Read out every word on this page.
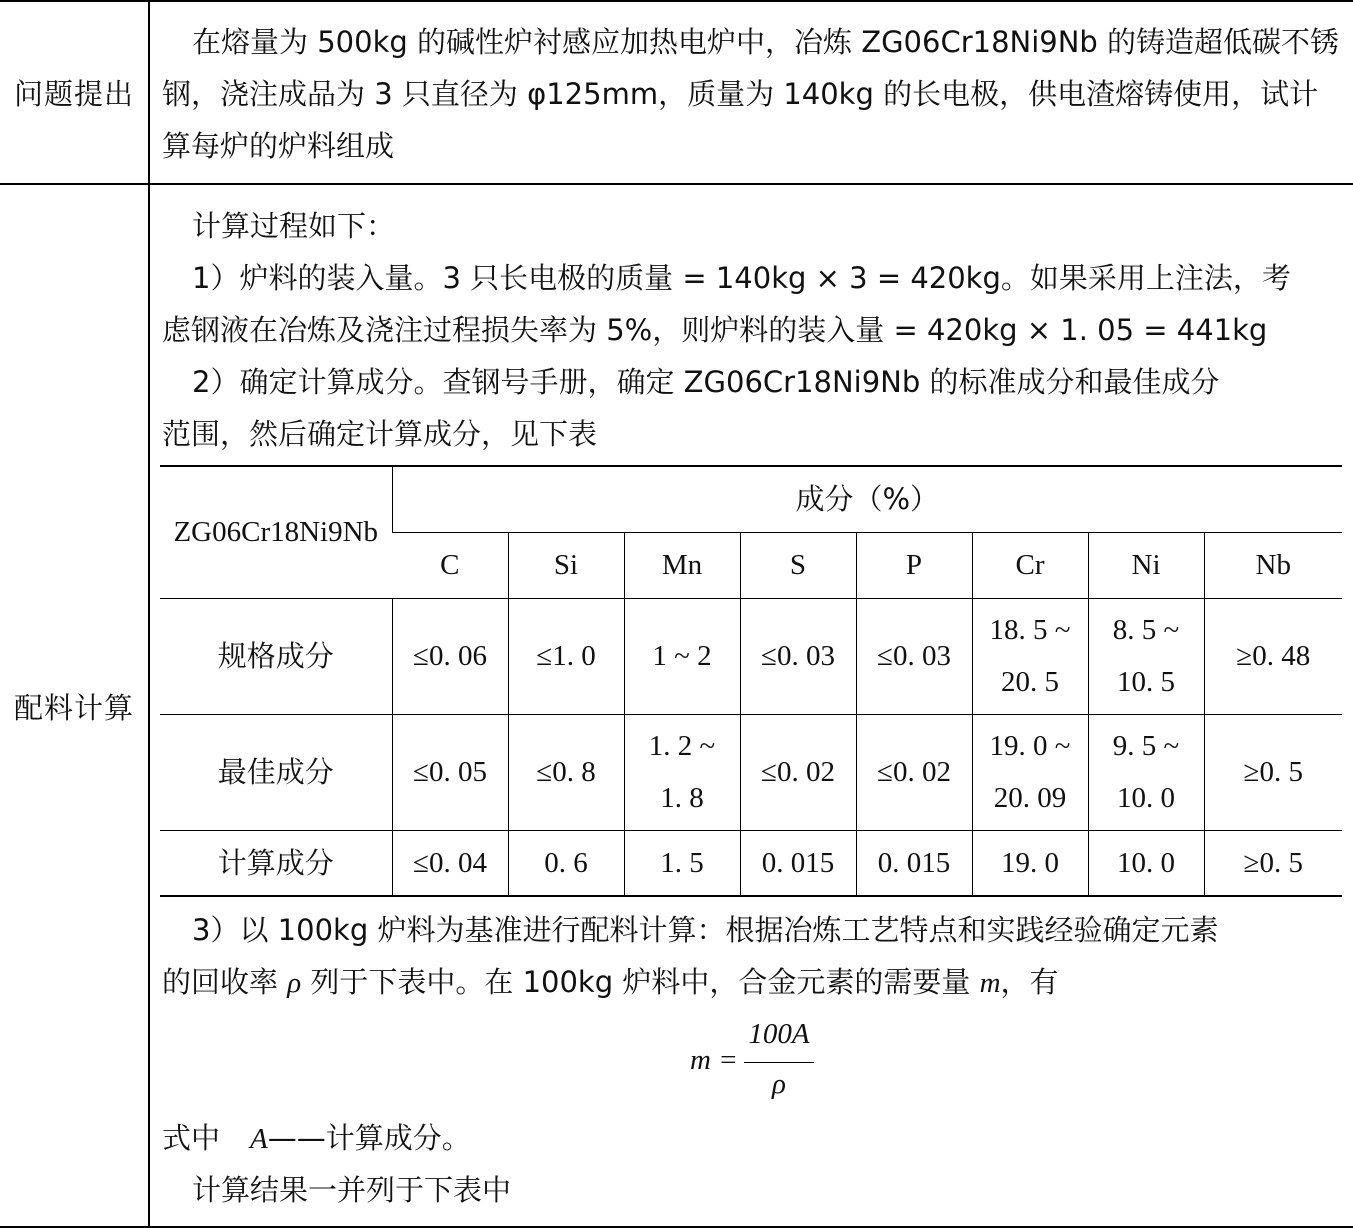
问题提出
配料计算
在熔量为 500kg 的碱性炉衬感应加热电炉中，冶炼 ZG06Cr18Ni9Nb 的铸造超低碳不锈钢，浇注成品为 3 只直径为 φ125mm，质量为 140kg 的长电极，供电渣熔铸使用，试计算每炉的炉料组成
计算过程如下：
1）炉料的装入量。3 只长电极的质量 = 140kg × 3 = 420kg。如果采用上注法，考
虑钢液在冶炼及浇注过程损失率为 5%，则炉料的装入量 = 420kg × 1. 05 = 441kg
2）确定计算成分。查钢号手册，确定 ZG06Cr18Ni9Nb 的标准成分和最佳成分
范围，然后确定计算成分，见下表
ZG06Cr18Ni9Nb	成分（%）							
	C	Si	Mn	S	P	Cr	Ni	Nb
规格成分	≤0. 06	≤1. 0	1 ~ 2	≤0. 03	≤0. 03	18. 5 ~
20. 5	8. 5 ~
10. 5	≥0. 48
最佳成分	≤0. 05	≤0. 8	1. 2 ~
1. 8	≤0. 02	≤0. 02	19. 0 ~
20. 09	9. 5 ~
10. 0	≥0. 5
计算成分	≤0. 04	0. 6	1. 5	0. 015	0. 015	19. 0	10. 0	≥0. 5
3）以 100kg 炉料为基准进行配料计算：根据冶炼工艺特点和实践经验确定元素
的回收率 ρ 列于下表中。在 100kg 炉料中，合金元素的需要量 m，有
m =
100A
ρ
式中 A——计算成分。
计算结果一并列于下表中
